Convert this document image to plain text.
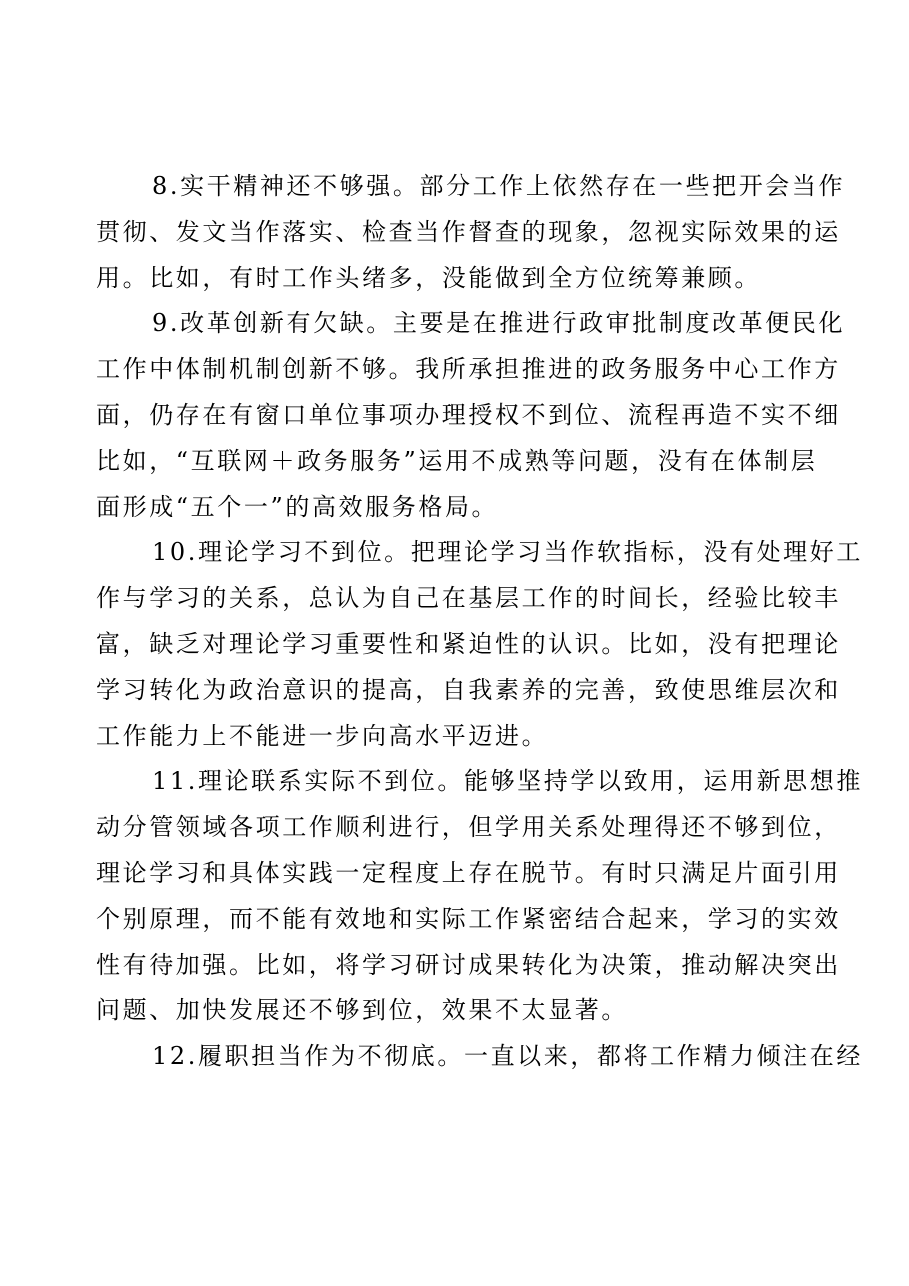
8.实干精神还不够强。部分工作上依然存在一些把开会当作
贯彻、发文当作落实、检查当作督查的现象，忽视实际效果的运
用。比如，有时工作头绪多，没能做到全方位统筹兼顾。
9.改革创新有欠缺。主要是在推进行政审批制度改革便民化
工作中体制机制创新不够。我所承担推进的政务服务中心工作方
面，仍存在有窗口单位事项办理授权不到位、流程再造不实不细
比如，“互联网＋政务服务”运用不成熟等问题，没有在体制层
面形成“五个一”的高效服务格局。
10.理论学习不到位。把理论学习当作软指标，没有处理好工
作与学习的关系，总认为自己在基层工作的时间长，经验比较丰
富，缺乏对理论学习重要性和紧迫性的认识。比如，没有把理论
学习转化为政治意识的提高，自我素养的完善，致使思维层次和
工作能力上不能进一步向高水平迈进。
11.理论联系实际不到位。能够坚持学以致用，运用新思想推
动分管领域各项工作顺利进行，但学用关系处理得还不够到位，
理论学习和具体实践一定程度上存在脱节。有时只满足片面引用
个别原理，而不能有效地和实际工作紧密结合起来，学习的实效
性有待加强。比如，将学习研讨成果转化为决策，推动解决突出
问题、加快发展还不够到位，效果不太显著。
12.履职担当作为不彻底。一直以来，都将工作精力倾注在经
